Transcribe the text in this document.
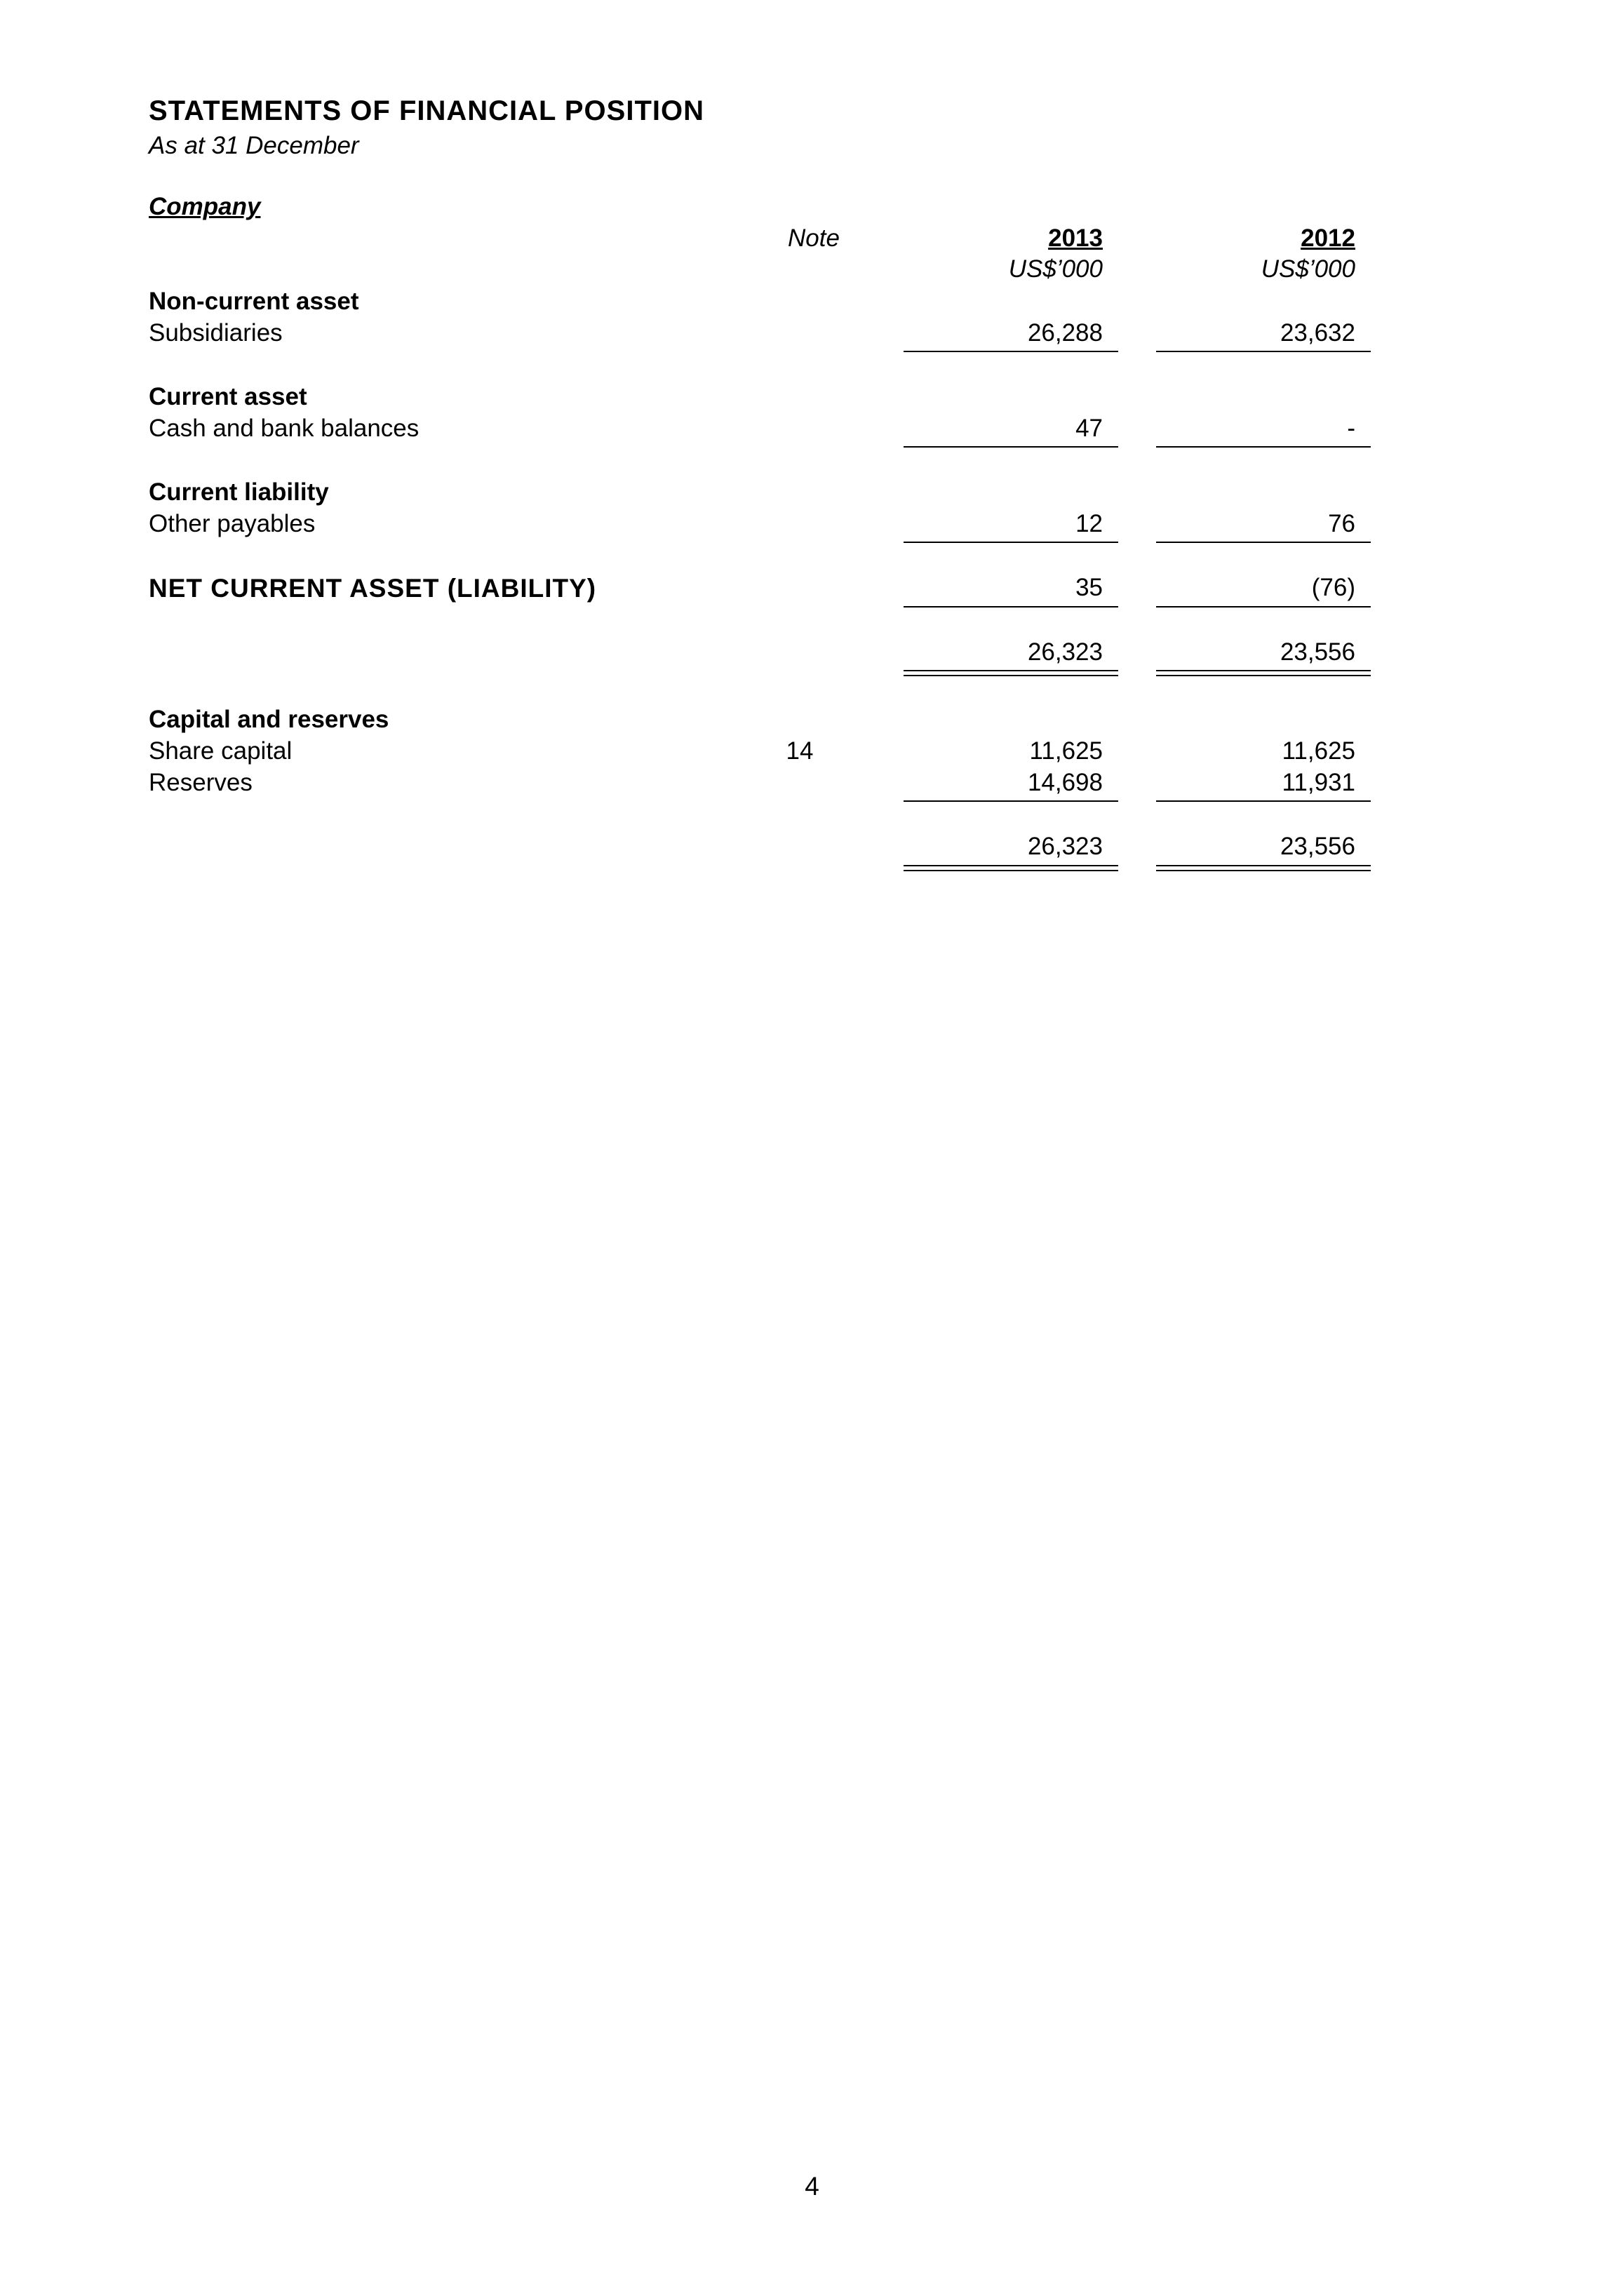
STATEMENTS OF FINANCIAL POSITION
As at 31 December
Company
Note	2013	2012
US$’000	US$’000
Non-current asset
Subsidiaries	26,288	23,632
Current asset
Cash and bank balances	47	-
Current liability
Other payables	12	76
NET CURRENT ASSET (LIABILITY)	35	(76)
26,323	23,556
Capital and reserves
Share capital	14	11,625	11,625
Reserves	14,698	11,931
26,323	23,556
4
